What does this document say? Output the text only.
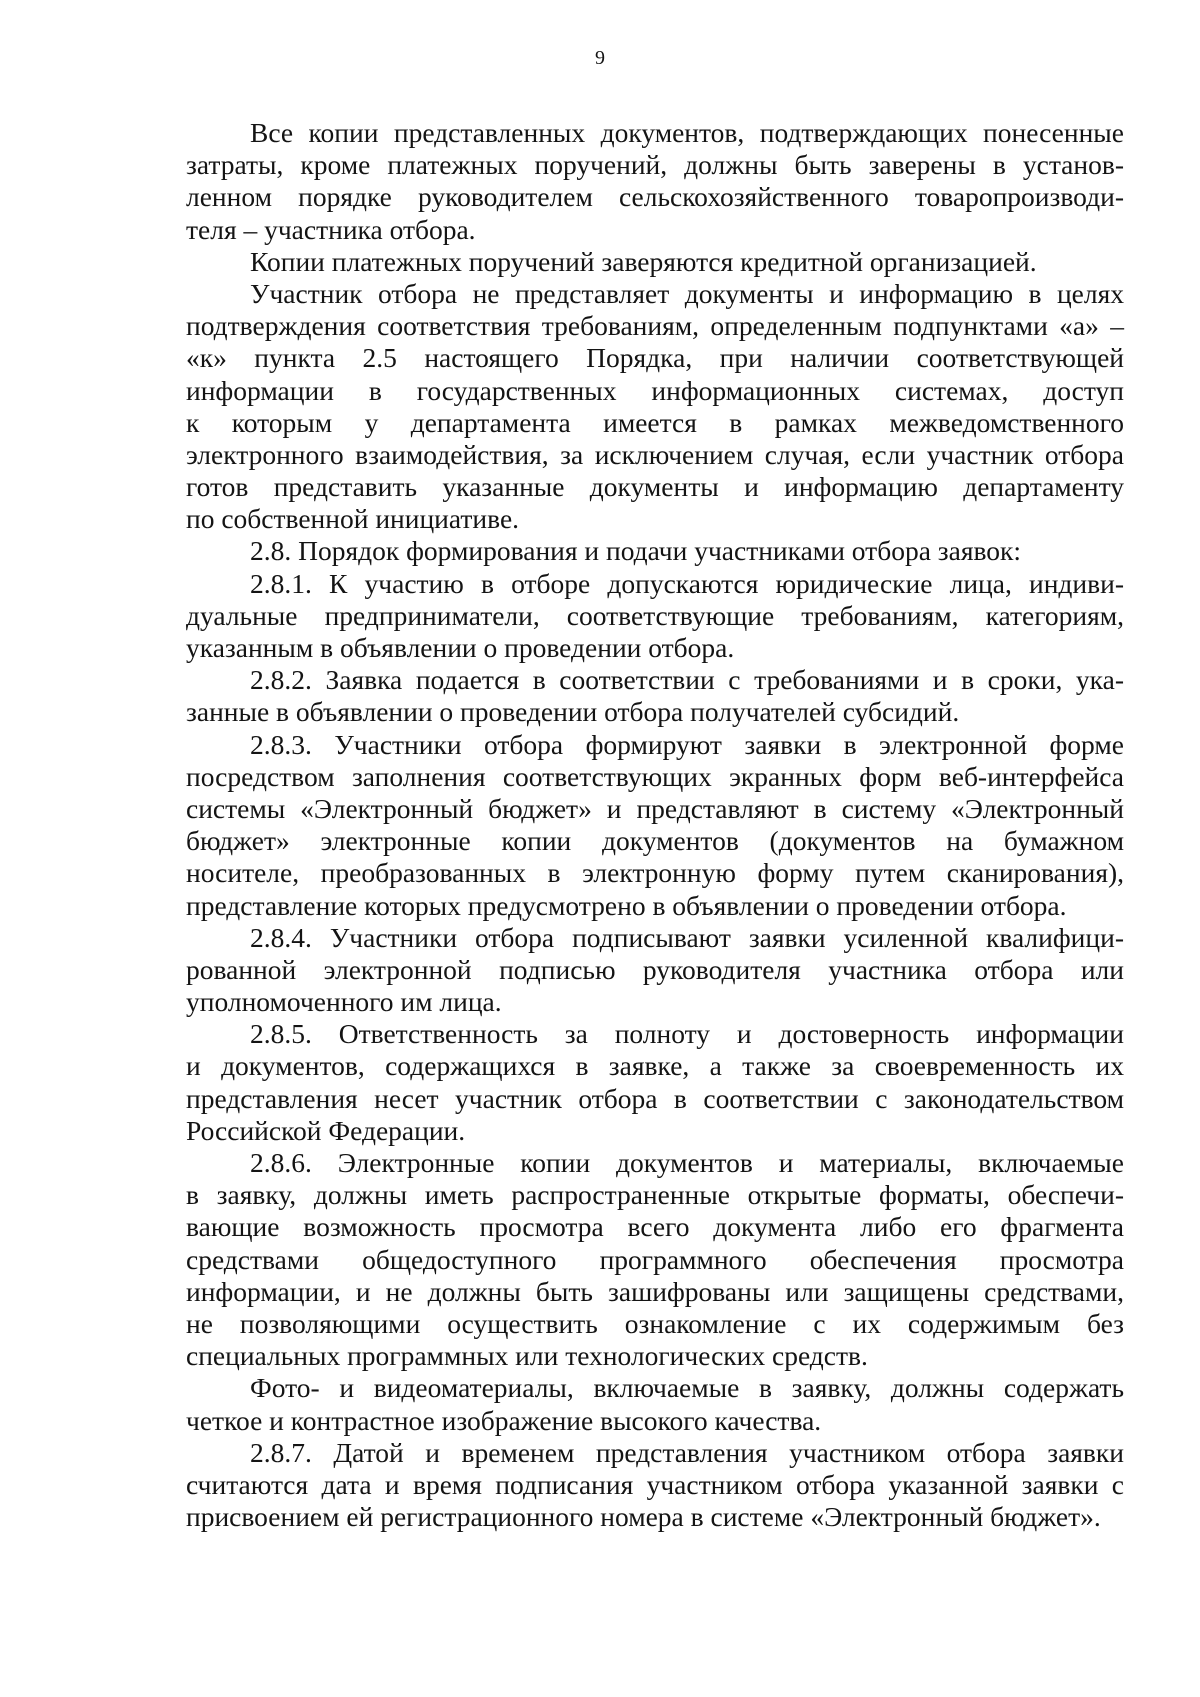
9
Все копии представленных документов, подтверждающих понесенные
затраты, кроме платежных поручений, должны быть заверены в установ-
ленном порядке руководителем сельскохозяйственного товаропроизводи-
теля – участника отбора.
Копии платежных поручений заверяются кредитной организацией.
Участник отбора не представляет документы и информацию в целях
подтверждения соответствия требованиям, определенным подпунктами «а» –
«к» пункта 2.5 настоящего Порядка, при наличии соответствующей
информации в государственных информационных системах, доступ
к которым у департамента имеется в рамках межведомственного
электронного взаимодействия, за исключением случая, если участник отбора
готов представить указанные документы и информацию департаменту
по собственной инициативе.
2.8. Порядок формирования и подачи участниками отбора заявок:
2.8.1. К участию в отборе допускаются юридические лица, индиви-
дуальные предприниматели, соответствующие требованиям, категориям,
указанным в объявлении о проведении отбора.
2.8.2. Заявка подается в соответствии с требованиями и в сроки, ука-
занные в объявлении о проведении отбора получателей субсидий.
2.8.3. Участники отбора формируют заявки в электронной форме
посредством заполнения соответствующих экранных форм веб-интерфейса
системы «Электронный бюджет» и представляют в систему «Электронный
бюджет» электронные копии документов (документов на бумажном
носителе, преобразованных в электронную форму путем сканирования),
представление которых предусмотрено в объявлении о проведении отбора.
2.8.4. Участники отбора подписывают заявки усиленной квалифици-
рованной электронной подписью руководителя участника отбора или
уполномоченного им лица.
2.8.5. Ответственность за полноту и достоверность информации
и документов, содержащихся в заявке, а также за своевременность их
представления несет участник отбора в соответствии с законодательством
Российской Федерации.
2.8.6. Электронные копии документов и материалы, включаемые
в заявку, должны иметь распространенные открытые форматы, обеспечи-
вающие возможность просмотра всего документа либо его фрагмента
средствами общедоступного программного обеспечения просмотра
информации, и не должны быть зашифрованы или защищены средствами,
не позволяющими осуществить ознакомление с их содержимым без
специальных программных или технологических средств.
Фото- и видеоматериалы, включаемые в заявку, должны содержать
четкое и контрастное изображение высокого качества.
2.8.7. Датой и временем представления участником отбора заявки
считаются дата и время подписания участником отбора указанной заявки с
присвоением ей регистрационного номера в системе «Электронный бюджет».
